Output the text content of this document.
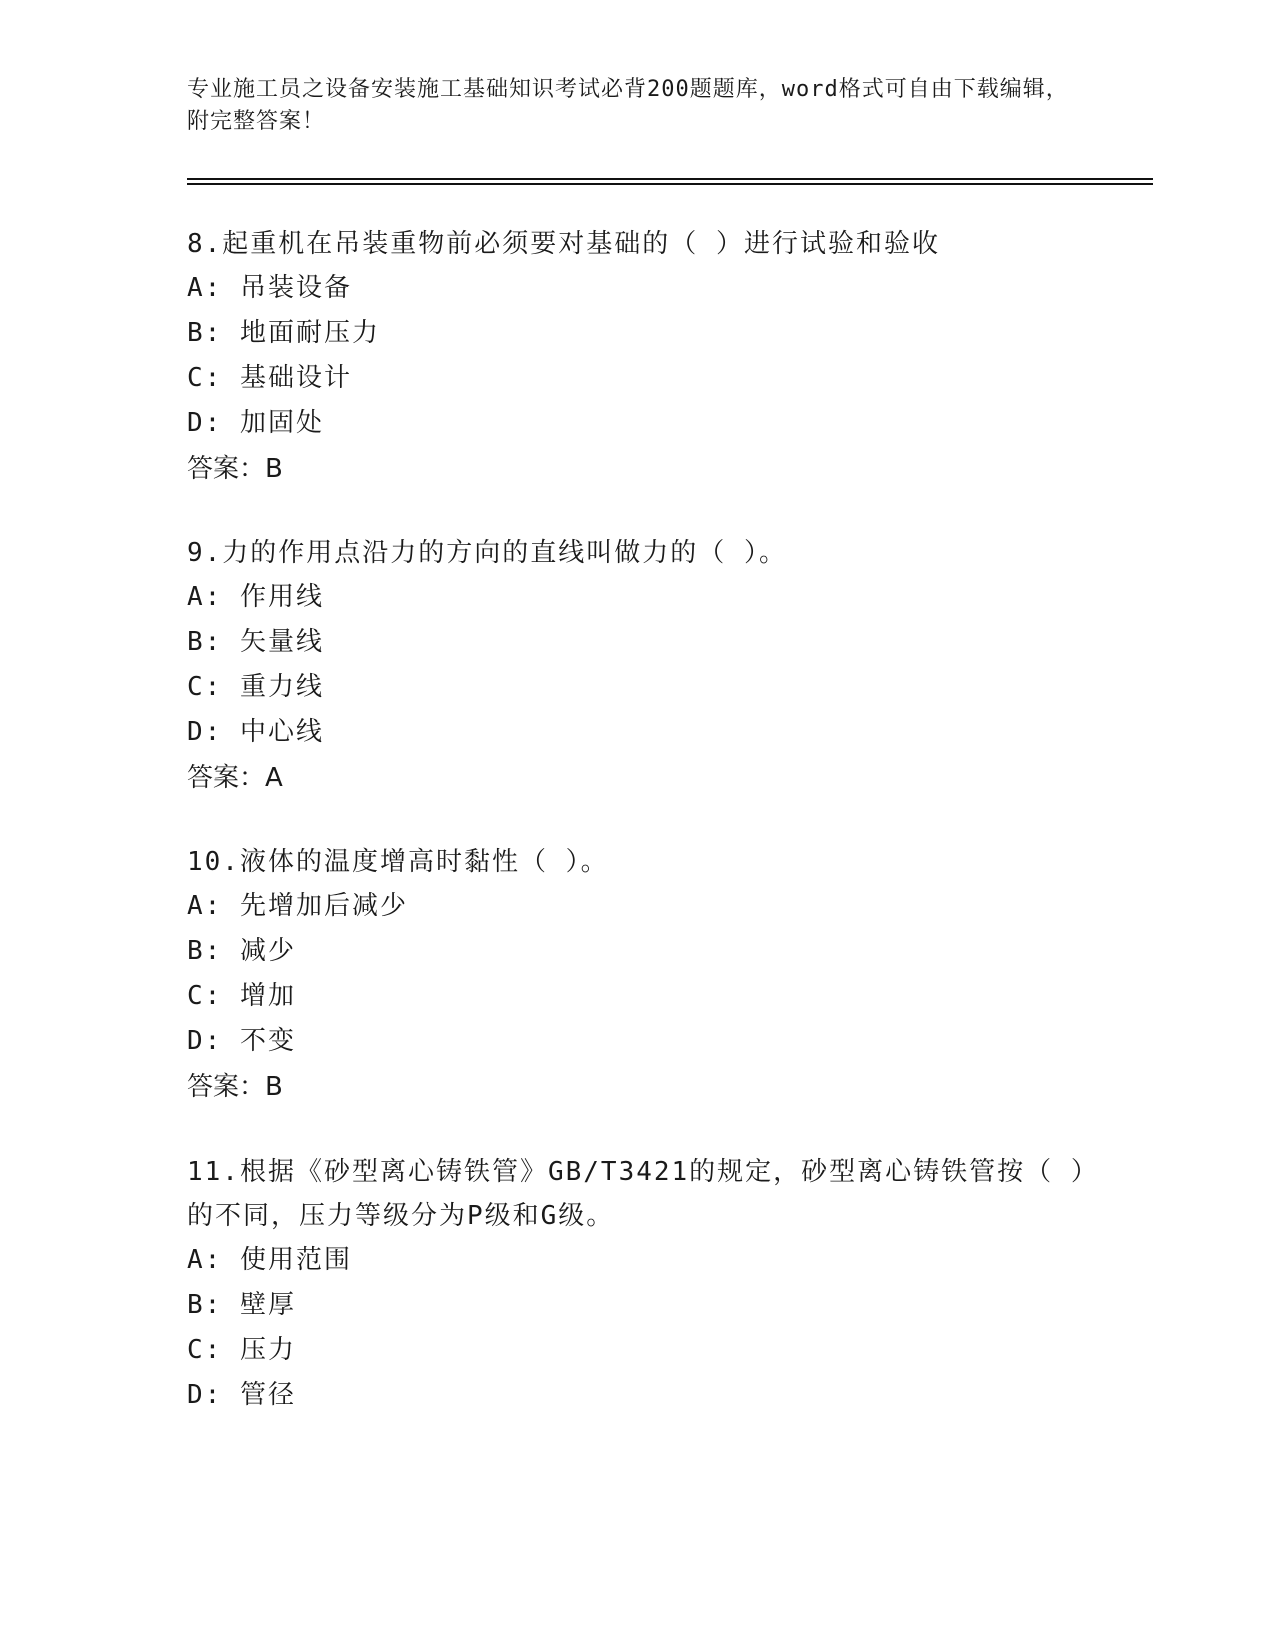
专业施工员之设备安装施工基础知识考试必背200题题库，word格式可自由下载编辑，附完整答案！

8.起重机在吊装重物前必须要对基础的（ ）进行试验和验收

A: 吊装设备
B: 地面耐压力
C: 基础设计
D: 加固处
答案：B

9.力的作用点沿力的方向的直线叫做力的（ ）。

A: 作用线
B: 矢量线
C: 重力线
D: 中心线
答案：A

10.液体的温度增高时黏性（ ）。

A: 先增加后减少
B: 减少
C: 增加
D: 不变
答案：B

11.根据《砂型离心铸铁管》GB/T3421的规定，砂型离心铸铁管按（ ）的不同，压力等级分为P级和G级。

A: 使用范围
B: 壁厚
C: 压力
D: 管径
